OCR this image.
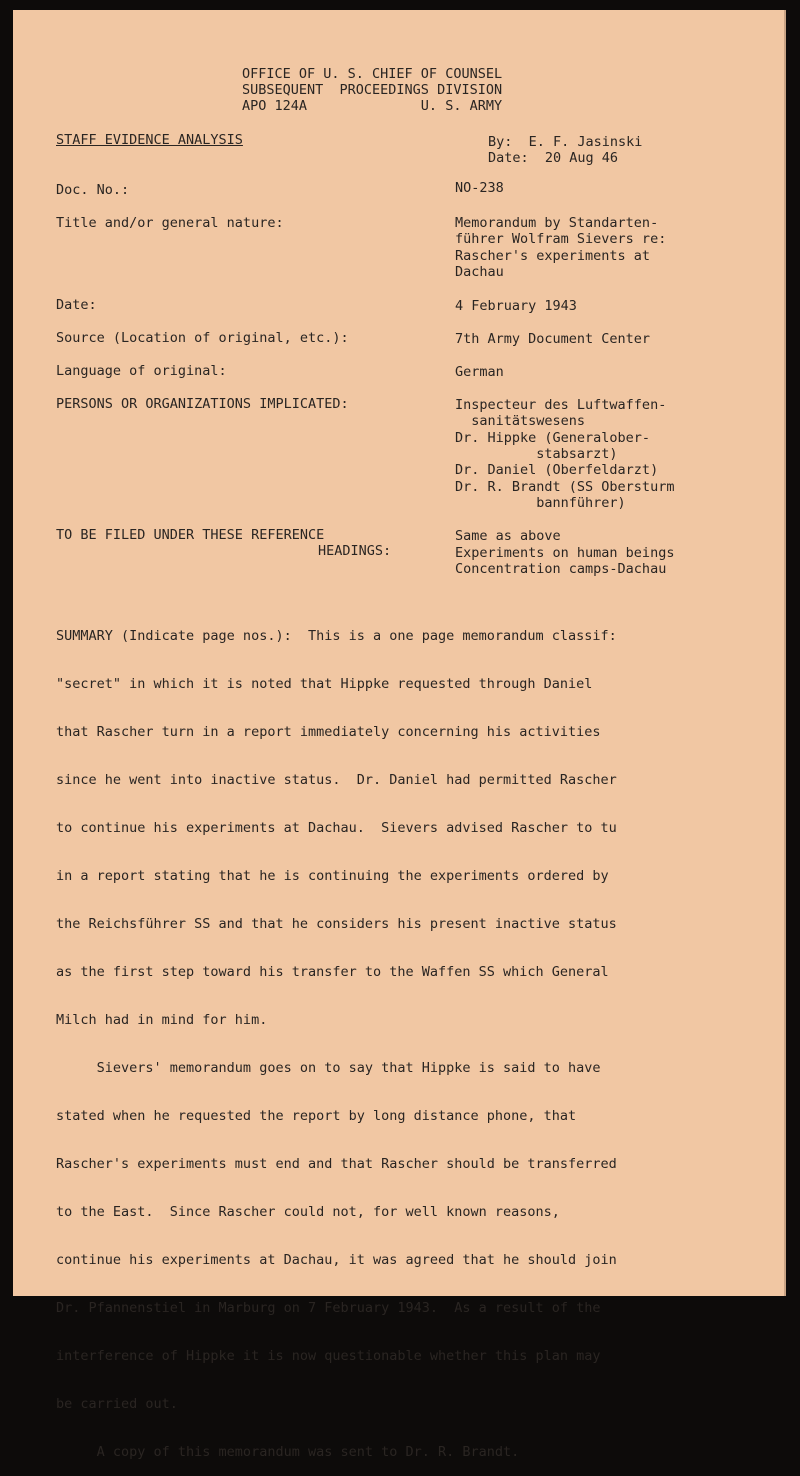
OFFICE OF U. S. CHIEF OF COUNSEL

SUBSEQUENT  PROCEEDINGS DIVISION

APO 124A              U. S. ARMY

STAFF EVIDENCE ANALYSIS	By:  E. F. Jasinski

Date:  20 Aug 46

Doc. No.:	NO-238

Title and/or general nature:	Memorandum by Standarten-

führer Wolfram Sievers re:

Rascher's experiments at

Dachau

Date:	4 February 1943

Source (Location of original, etc.):	7th Army Document Center

Language of original:	German

PERSONS OR ORGANIZATIONS IMPLICATED:	Inspecteur des Luftwaffen-

sanitätswesens

Dr. Hippke (Generalober-

stabsarzt)

Dr. Daniel (Oberfeldarzt)

Dr. R. Brandt (SS Obersturm

bannführer)

TO BE FILED UNDER THESE REFERENCE

HEADINGS:

Same as above

Experiments on human beings

Concentration camps-Dachau

SUMMARY (Indicate page nos.):  This is a one page memorandum classif:

"secret" in which it is noted that Hippke requested through Daniel

that Rascher turn in a report immediately concerning his activities

since he went into inactive status.  Dr. Daniel had permitted Rascher

to continue his experiments at Dachau.  Sievers advised Rascher to tu

in a report stating that he is continuing the experiments ordered by

the Reichsführer SS and that he considers his present inactive status

as the first step toward his transfer to the Waffen SS which General

Milch had in mind for him.

Sievers' memorandum goes on to say that Hippke is said to have

stated when he requested the report by long distance phone, that

Rascher's experiments must end and that Rascher should be transferred

to the East.  Since Rascher could not, for well known reasons,

continue his experiments at Dachau, it was agreed that he should join

Dr. Pfannenstiel in Marburg on 7 February 1943.  As a result of the

interference of Hippke it is now questionable whether this plan may

be carried out.

A copy of this memorandum was sent to Dr. R. Brandt.
